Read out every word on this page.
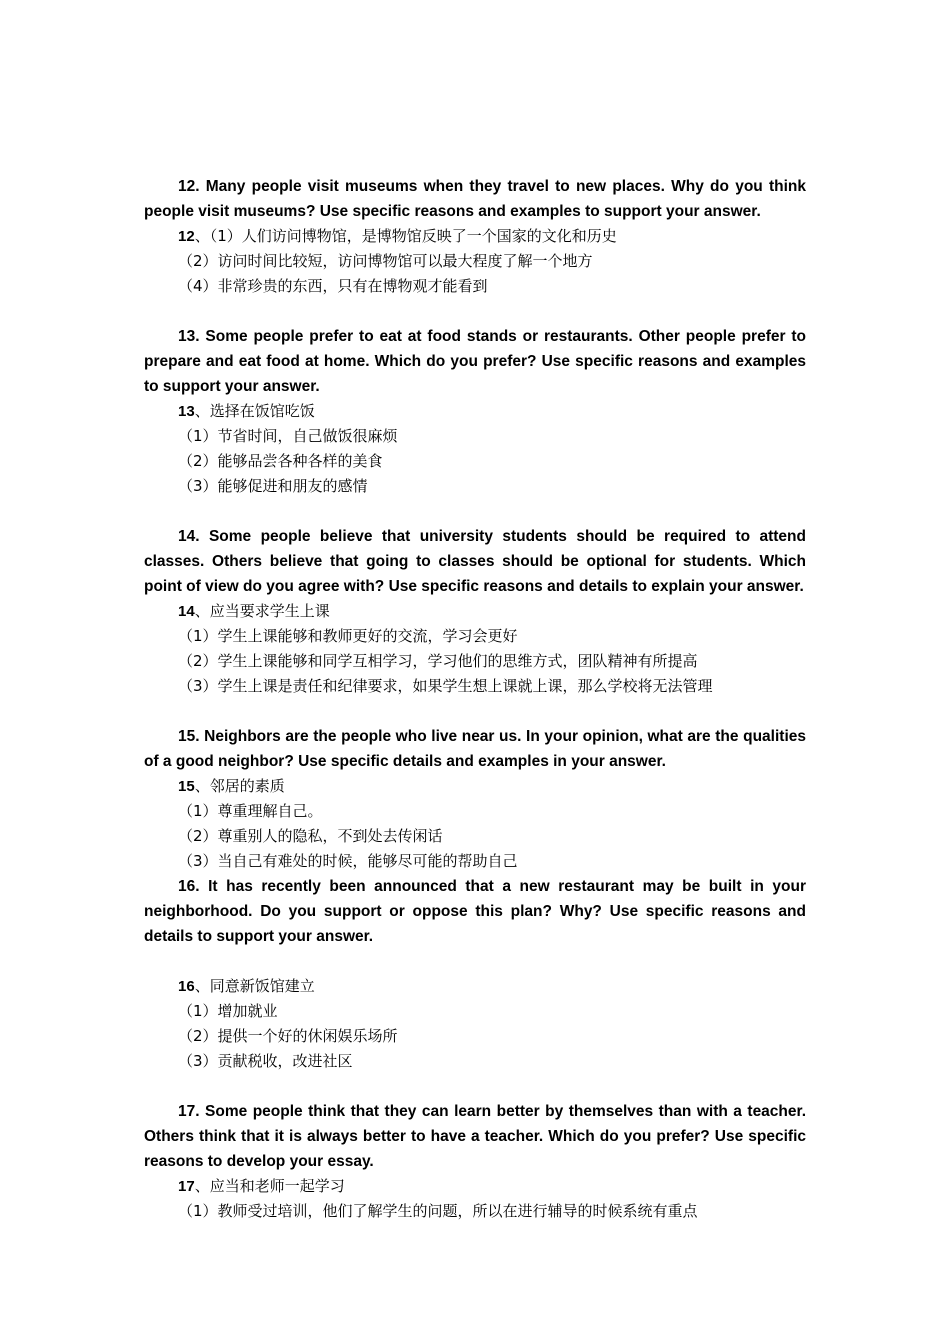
12. Many people visit museums when they travel to new places. Why do you think people visit museums? Use specific reasons and examples to support your answer.

12、（1）人们访问博物馆，是博物馆反映了一个国家的文化和历史

（2）访问时间比较短，访问博物馆可以最大程度了解一个地方

（4）非常珍贵的东西，只有在博物观才能看到

13. Some people prefer to eat at food stands or restaurants. Other people prefer to prepare and eat food at home. Which do you prefer? Use specific reasons and examples to support your answer.

13、选择在饭馆吃饭

（1）节省时间，自己做饭很麻烦

（2）能够品尝各种各样的美食

（3）能够促进和朋友的感情

14. Some people believe that university students should be required to attend classes. Others believe that going to classes should be optional for students. Which point of view do you agree with? Use specific reasons and details to explain your answer.

14、应当要求学生上课

（1）学生上课能够和教师更好的交流，学习会更好

（2）学生上课能够和同学互相学习，学习他们的思维方式，团队精神有所提高

（3）学生上课是责任和纪律要求，如果学生想上课就上课，那么学校将无法管理

15. Neighbors are the people who live near us. In your opinion, what are the qualities of a good neighbor? Use specific details and examples in your answer.

15、邻居的素质

（1）尊重理解自己。

（2）尊重别人的隐私，不到处去传闲话

（3）当自己有难处的时候，能够尽可能的帮助自己

16. It has recently been announced that a new restaurant may be built in your neighborhood. Do you support or oppose this plan? Why? Use specific reasons and details to support your answer.

16、同意新饭馆建立

（1）增加就业

（2）提供一个好的休闲娱乐场所

（3）贡献税收，改进社区

17. Some people think that they can learn better by themselves than with a teacher. Others think that it is always better to have a teacher. Which do you prefer? Use specific reasons to develop your essay.

17、应当和老师一起学习

（1）教师受过培训，他们了解学生的问题，所以在进行辅导的时候系统有重点
